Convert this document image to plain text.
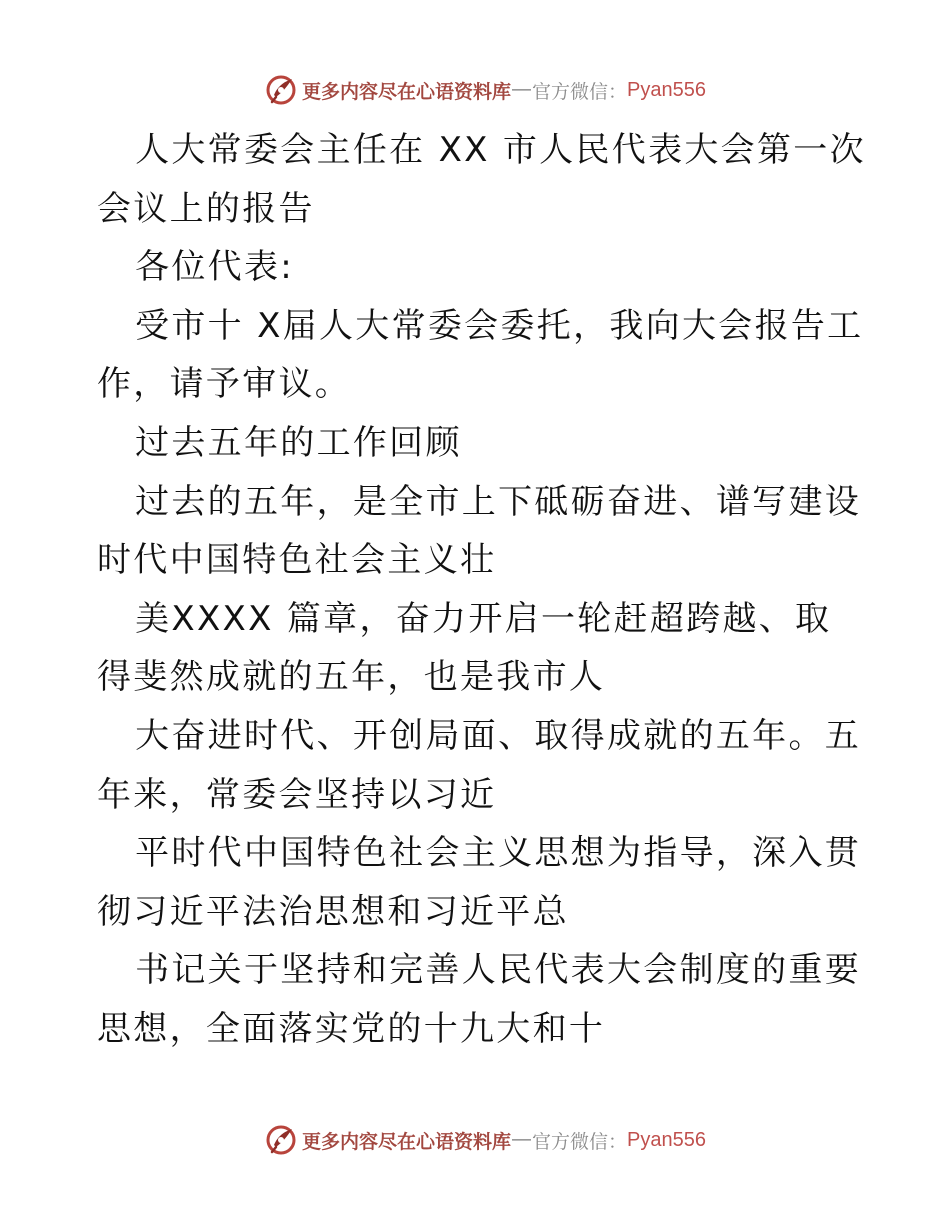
更多内容尽在心语资料库 — 官方微信： Pyan556

人大常委会主任在 XX 市人民代表大会第一次会议上的报告

各位代表:

受市十 X届人大常委会委托，我向大会报告工作，请予审议。

过去五年的工作回顾

过去的五年，是全市上下砥砺奋进、谱写建设时代中国特色社会主义壮

美XXXX 篇章，奋力开启一轮赶超跨越、取得斐然成就的五年，也是我市人

大奋进时代、开创局面、取得成就的五年。五年来，常委会坚持以习近

平时代中国特色社会主义思想为指导，深入贯彻习近平法治思想和习近平总

书记关于坚持和完善人民代表大会制度的重要思想，全面落实党的十九大和十

更多内容尽在心语资料库 — 官方微信： Pyan556
